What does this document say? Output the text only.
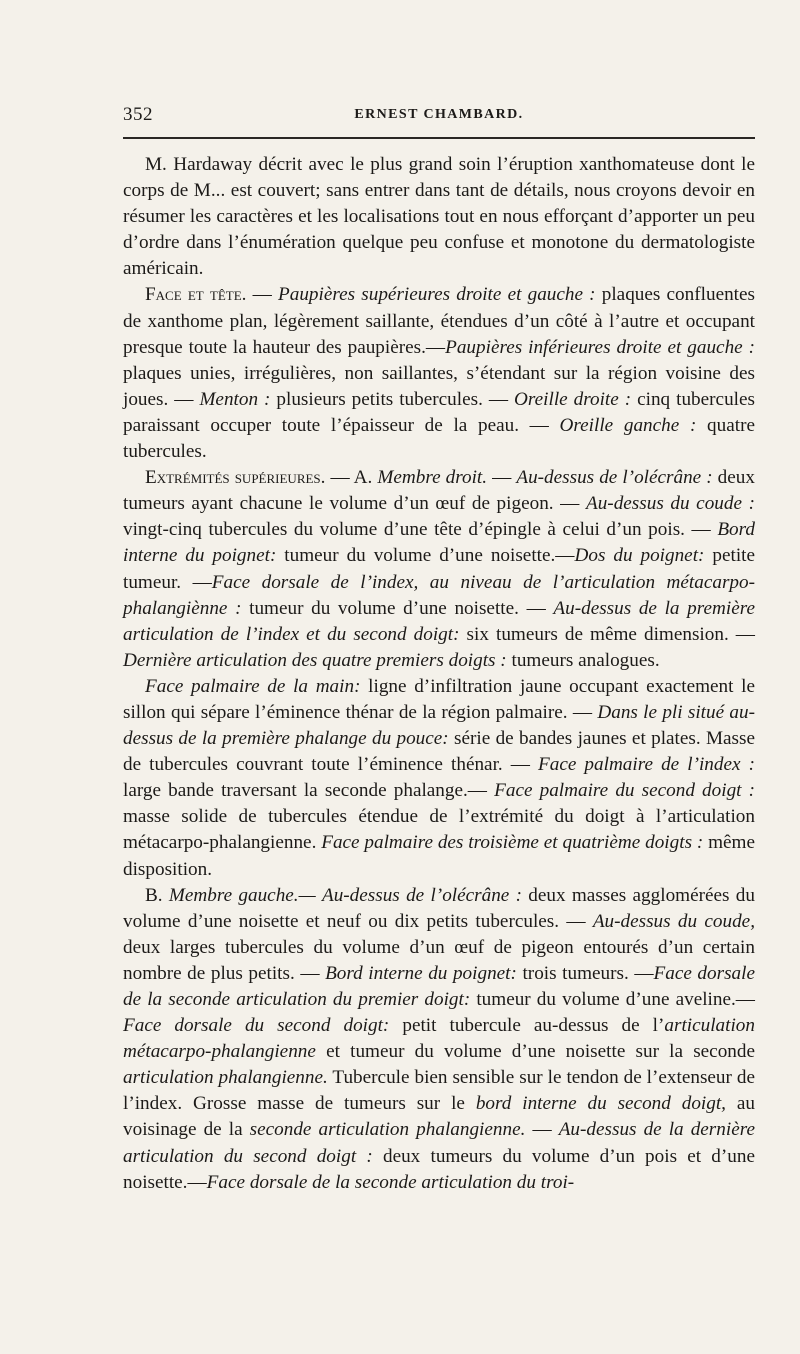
352	ERNEST CHAMBARD.

M. Hardaway décrit avec le plus grand soin l’éruption xanthomateuse dont le corps de M... est couvert; sans entrer dans tant de détails, nous croyons devoir en résumer les caractères et les localisations tout en nous efforçant d’apporter un peu d’ordre dans l’énumération quelque peu confuse et monotone du dermatologiste américain.

Face et tête. — Paupières supérieures droite et gauche : plaques confluentes de xanthome plan, légèrement saillante, étendues d’un côté à l’autre et occupant presque toute la hauteur des paupières.—Paupières inférieures droite et gauche : plaques unies, irrégulières, non saillantes, s’étendant sur la région voisine des joues. — Menton : plusieurs petits tubercules. — Oreille droite : cinq tubercules paraissant occuper toute l’épaisseur de la peau. — Oreille ganche : quatre tubercules.

Extrémités supérieures. — A. Membre droit. — Au-dessus de l’olécrâne : deux tumeurs ayant chacune le volume d’un œuf de pigeon. — Au-dessus du coude : vingt-cinq tubercules du volume d’une tête d’épingle à celui d’un pois. — Bord interne du poignet: tumeur du volume d’une noisette.—Dos du poignet: petite tumeur. —Face dorsale de l’index, au niveau de l’articulation métacarpo-phalangiènne : tumeur du volume d’une noisette. — Au-dessus de la première articulation de l’index et du second doigt: six tumeurs de même dimension. — Dernière articulation des quatre premiers doigts : tumeurs analogues.

Face palmaire de la main: ligne d’infiltration jaune occupant exactement le sillon qui sépare l’éminence thénar de la région palmaire. — Dans le pli situé au-dessus de la première phalange du pouce: série de bandes jaunes et plates. Masse de tubercules couvrant toute l’éminence thénar. — Face palmaire de l’index : large bande traversant la seconde phalange.— Face palmaire du second doigt : masse solide de tubercules étendue de l’extrémité du doigt à l’articulation métacarpo-phalangienne. Face palmaire des troisième et quatrième doigts : même disposition.

B. Membre gauche.— Au-dessus de l’olécrâne : deux masses agglomérées du volume d’une noisette et neuf ou dix petits tubercules. — Au-dessus du coude, deux larges tubercules du volume d’un œuf de pigeon entourés d’un certain nombre de plus petits. — Bord interne du poignet: trois tumeurs. —Face dorsale de la seconde articulation du premier doigt: tumeur du volume d’une aveline.—Face dorsale du second doigt: petit tubercule au-dessus de l’articulation métacarpo-phalangienne et tumeur du volume d’une noisette sur la seconde articulation phalangienne. Tubercule bien sensible sur le tendon de l’extenseur de l’index. Grosse masse de tumeurs sur le bord interne du second doigt, au voisinage de la seconde articulation phalangienne. — Au-dessus de la dernière articulation du second doigt : deux tumeurs du volume d’un pois et d’une noisette.—Face dorsale de la seconde articulation du troi-
